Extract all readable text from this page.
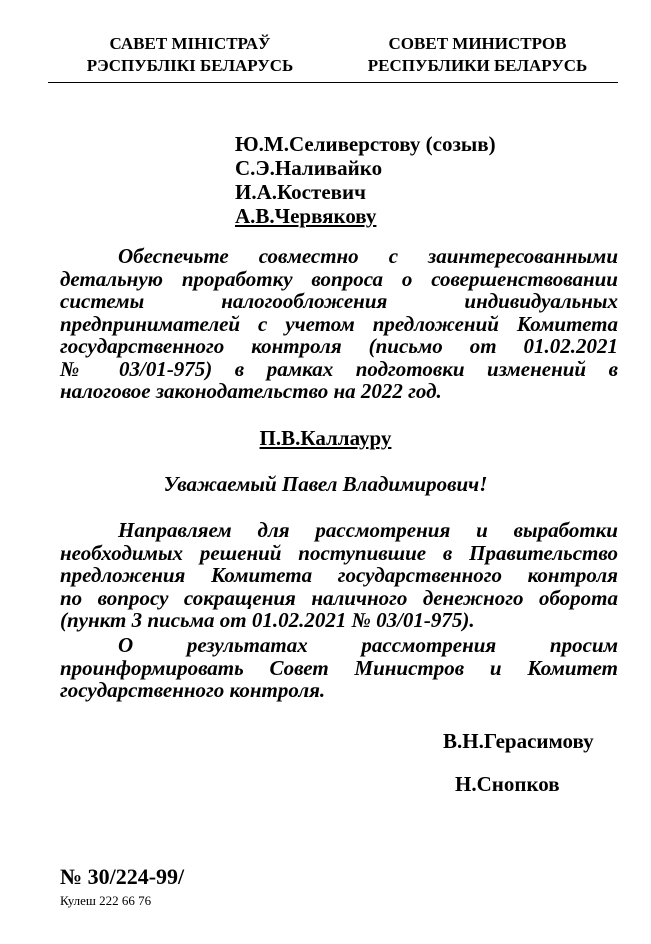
САВЕТ МІНІСТРАЎ
РЭСПУБЛІКІ БЕЛАРУСЬ
СОВЕТ МИНИСТРОВ
РЕСПУБЛИКИ БЕЛАРУСЬ
Ю.М.Селиверстову (созыв)
С.Э.Наливайко
И.А.Костевич
А.В.Червякову
Обеспечьте совместно с заинтересованными
детальную проработку вопроса о совершенствовании
системы налогообложения индивидуальных
предпринимателей с учетом предложений Комитета
государственного контроля (письмо от 01.02.2021
№ 03/01-975) в рамках подготовки изменений в
налоговое законодательство на 2022 год.
П.В.Каллауру
Уважаемый Павел Владимирович!
Направляем для рассмотрения и выработки
необходимых решений поступившие в Правительство
предложения Комитета государственного контроля
по вопросу сокращения наличного денежного оборота
(пункт 3 письма от 01.02.2021 № 03/01-975).
О результатах рассмотрения просим
проинформировать Совет Министров и Комитет
государственного контроля.
В.Н.Герасимову
Н.Снопков
№ 30/224-99/
Кулеш 222 66 76
